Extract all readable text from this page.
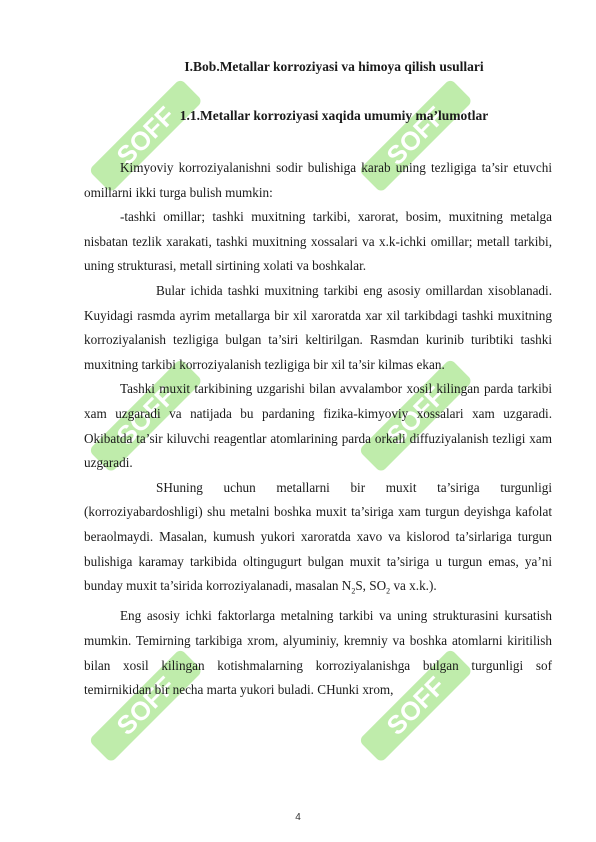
SOFF	SOFF
SOFF	SOFF
SOFF	SOFF
I.Bob.Metallar korroziyasi va himoya qilish usullari
1.1.Metallar korroziyasi xaqida umumiy ma’lumotlar

Kimyoviy korroziyalanishni sodir bulishiga karab uning tezligiga ta’sir etuvchi omillarni ikki turga bulish mumkin:

-tashki omillar; tashki muxitning tarkibi, xarorat, bosim, muxitning metalga nisbatan tezlik xarakati, tashki muxitning xossalari va x.k-ichki omillar; metall tarkibi, uning strukturasi, metall sirtining xolati va boshkalar.

Bular ichida tashki muxitning tarkibi eng asosiy omillardan xisoblanadi. Kuyidagi rasmda ayrim metallarga bir xil xaroratda xar xil tarkibdagi tashki muxitning korroziyalanish tezligiga bulgan ta’siri keltirilgan. Rasmdan kurinib turibtiki tashki muxitning tarkibi korroziyalanish tezligiga bir xil ta’sir kilmas ekan.

Tashki muxit tarkibining uzgarishi bilan avvalambor xosil kilingan parda tarkibi xam uzgaradi va natijada bu pardaning fizika-kimyoviy xossalari xam uzgaradi. Okibatda ta’sir kiluvchi reagentlar atomlarining parda orkali diffuziyalanish tezligi xam uzgaradi.

SHuning uchun metallarni bir muxit ta’siriga turgunligi (korroziyabardoshligi) shu metalni boshka muxit ta’siriga xam turgun deyishga kafolat beraolmaydi. Masalan, kumush yukori xaroratda xavo va kislorod ta’sirlariga turgun bulishiga karamay tarkibida oltingugurt bulgan muxit ta’siriga u turgun emas, ya’ni bunday muxit ta’sirida korroziyalanadi, masalan $N_2S$, $SO_2$ va x.k.).

Eng asosiy ichki faktorlarga metalning tarkibi va uning strukturasini kursatish mumkin. Temirning tarkibiga xrom, alyuminiy, kremniy va boshka atomlarni kiritilish bilan xosil kilingan kotishmalarning korroziyalanishga bulgan turgunligi sof temirnikidan bir necha marta yukori buladi. CHunki xrom,

4
